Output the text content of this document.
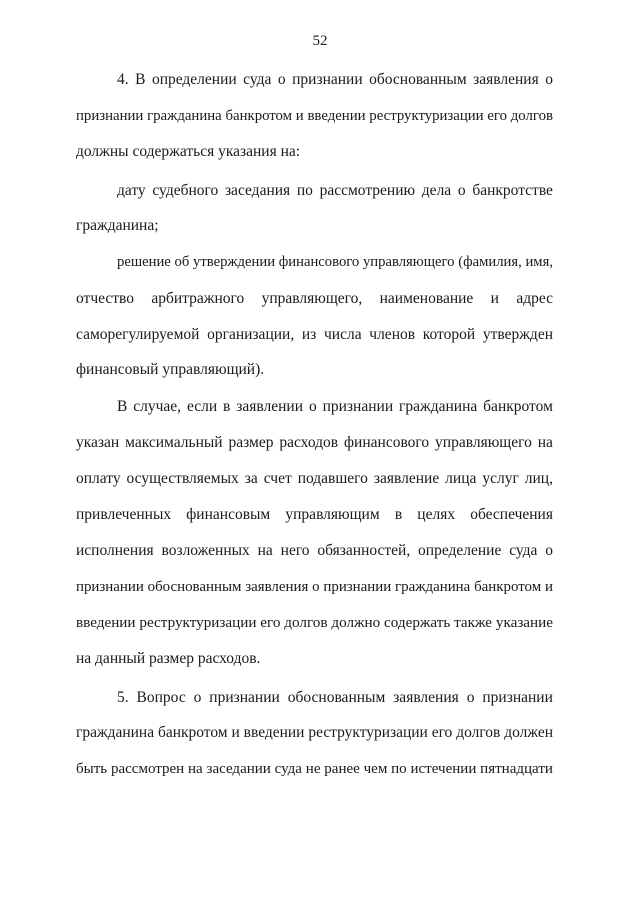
52
4. В определении суда о признании обоснованным заявления о
признании гражданина банкротом и введении реструктуризации его долгов
должны содержаться указания на:
дату судебного заседания по рассмотрению дела о банкротстве
гражданина;
решение об утверждении финансового управляющего (фамилия, имя,
отчество арбитражного управляющего, наименование и адрес
саморегулируемой организации, из числа членов которой утвержден
финансовый управляющий).
В случае, если в заявлении о признании гражданина банкротом
указан максимальный размер расходов финансового управляющего на
оплату осуществляемых за счет подавшего заявление лица услуг лиц,
привлеченных финансовым управляющим в целях обеспечения
исполнения возложенных на него обязанностей, определение суда о
признании обоснованным заявления о признании гражданина банкротом и
введении реструктуризации его долгов должно содержать также указание
на данный размер расходов.
5. Вопрос о признании обоснованным заявления о признании
гражданина банкротом и введении реструктуризации его долгов должен
быть рассмотрен на заседании суда не ранее чем по истечении пятнадцати
